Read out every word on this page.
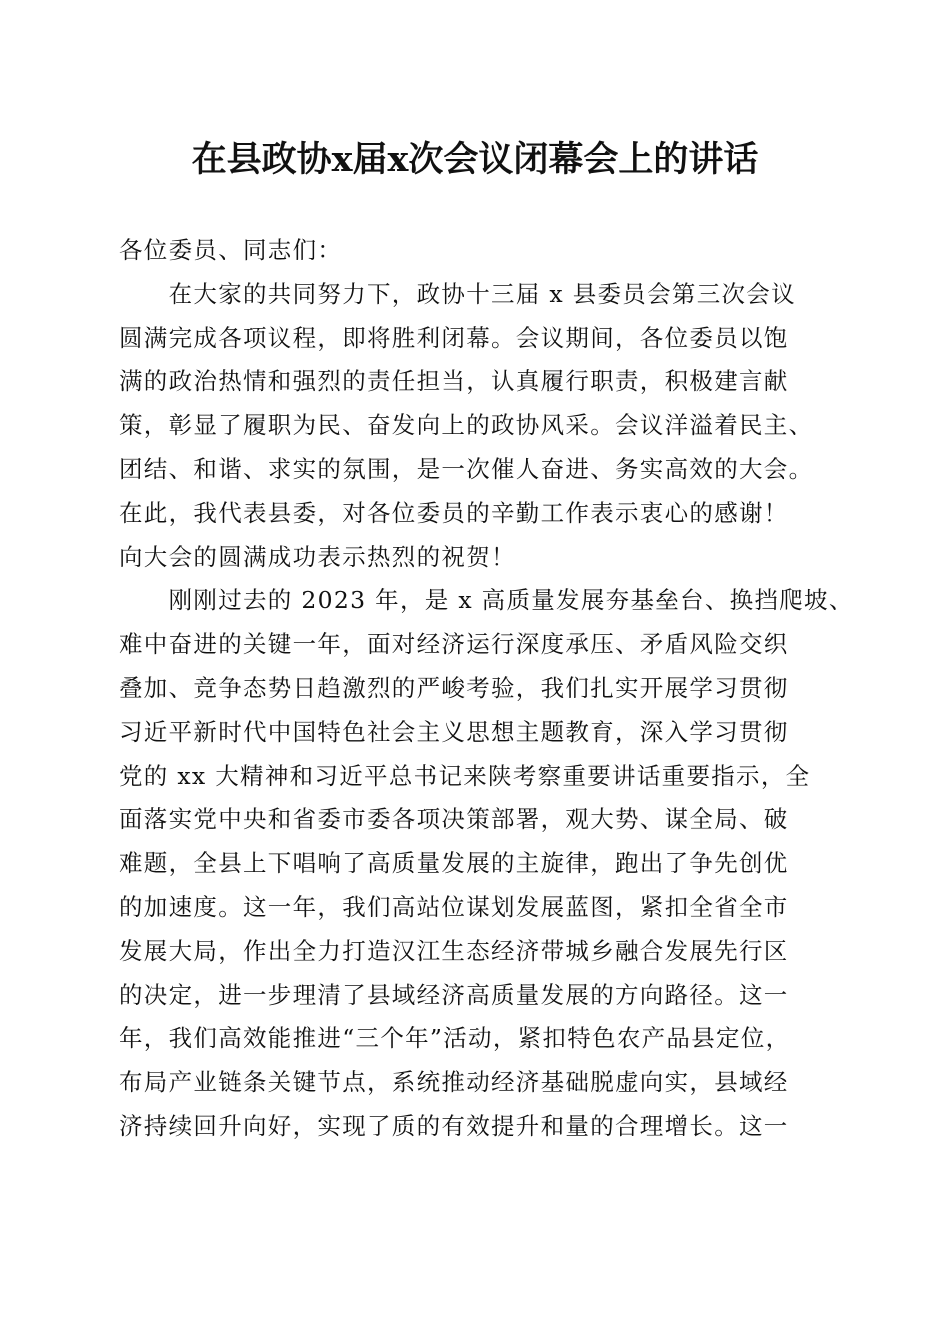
在县政协x届x次会议闭幕会上的讲话
各位委员、同志们：
　　在大家的共同努力下，政协十三届 x 县委员会第三次会议
圆满完成各项议程，即将胜利闭幕。会议期间，各位委员以饱
满的政治热情和强烈的责任担当，认真履行职责，积极建言献
策，彰显了履职为民、奋发向上的政协风采。会议洋溢着民主、
团结、和谐、求实的氛围，是一次催人奋进、务实高效的大会。
在此，我代表县委，对各位委员的辛勤工作表示衷心的感谢！
向大会的圆满成功表示热烈的祝贺！
　　刚刚过去的 2023 年，是 x 高质量发展夯基垒台、换挡爬坡、
难中奋进的关键一年，面对经济运行深度承压、矛盾风险交织
叠加、竞争态势日趋激烈的严峻考验，我们扎实开展学习贯彻
习近平新时代中国特色社会主义思想主题教育，深入学习贯彻
党的 xx 大精神和习近平总书记来陕考察重要讲话重要指示，全
面落实党中央和省委市委各项决策部署，观大势、谋全局、破
难题，全县上下唱响了高质量发展的主旋律，跑出了争先创优
的加速度。这一年，我们高站位谋划发展蓝图，紧扣全省全市
发展大局，作出全力打造汉江生态经济带城乡融合发展先行区
的决定，进一步理清了县域经济高质量发展的方向路径。这一
年，我们高效能推进“三个年”活动，紧扣特色农产品县定位，
布局产业链条关键节点，系统推动经济基础脱虚向实，县域经
济持续回升向好，实现了质的有效提升和量的合理增长。这一
